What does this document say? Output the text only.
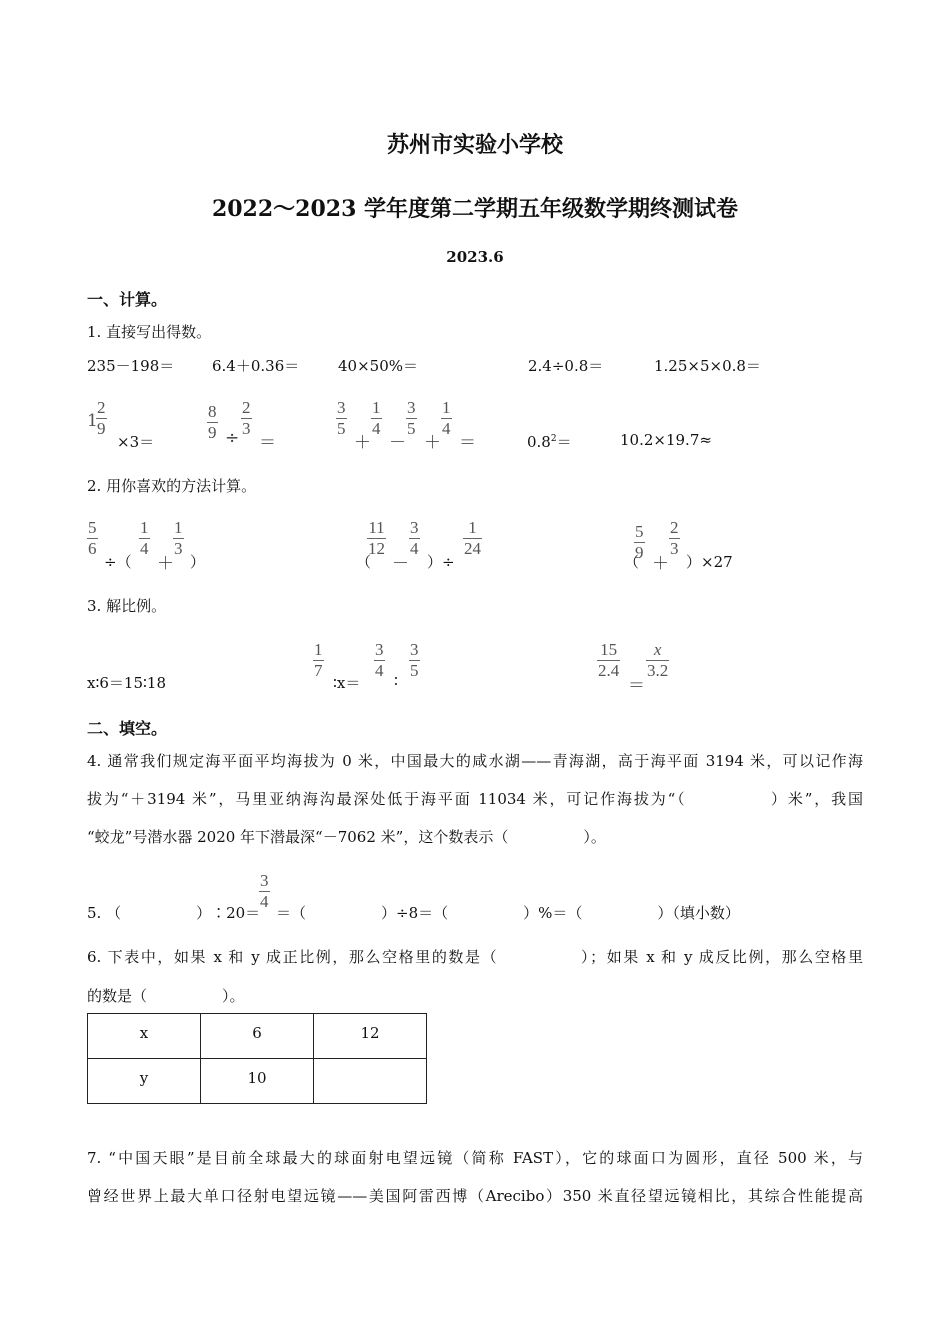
苏州市实验小学校
2022～2023 学年度第二学期五年级数学期终测试卷
2023.6
一、计算。
1. 直接写出得数。
235－198＝	6.4＋0.36＝	40×50%＝	2.4÷0.8＝	1.25×5×0.8＝
1
$\frac{2}{9}$
×3＝	$\frac{8}{9} \div \frac{2}{3}$
＝
$\frac{3}{5}$
＋
$\frac{1}{4}$
－
$\frac{3}{5}$
＋
$\frac{1}{4}$
＝	$0.8^2=$	10.2×19.7≈
2. 用你喜欢的方法计算。
$\frac{5}{6}$
÷（
$\frac{1}{4}$
＋
$\frac{1}{3}$
）	（
$\frac{11}{12}$
－
$\frac{3}{4}$
）÷
$\frac{1}{24}$
（
$\frac{5}{9}$
＋
$\frac{2}{3}$
）×27
3. 解比例。
x∶6＝15∶18
$\frac{1}{7}$
∶x＝
$\frac{3}{4}$ ∶ $\frac{3}{5}$	$\frac{15}{2.4}$
＝
$\frac{x}{3.2}$
二、填空。
4. 通常我们规定海平面平均海拔为 0 米，中国最大的咸水湖——青海湖，高于海平面 3194 米，可以记作海
拔为“＋3194 米”，马里亚纳海沟最深处低于海平面 11034 米，可记作海拔为“（　　　　　）米”，我国
“蛟龙”号潜水器 2020 年下潜最深“－7062 米”，这个数表示（　　　　　）。
5. （　　　　　）∶20＝
$\frac{3}{4}$
＝（　　　　　）÷8＝（　　　　　）%＝（　　　　　）（填小数）
6. 下表中，如果 x 和 y 成正比例，那么空格里的数是（　　　　　）；如果 x 和 y 成反比例，那么空格里
的数是（　　　　　）。
x	6	12
y	10	
7. “中国天眼”是目前全球最大的球面射电望远镜（简称 FAST），它的球面口为圆形，直径 500 米，与
曾经世界上最大单口径射电望远镜——美国阿雷西博（Arecibo）350 米直径望远镜相比，其综合性能提高
